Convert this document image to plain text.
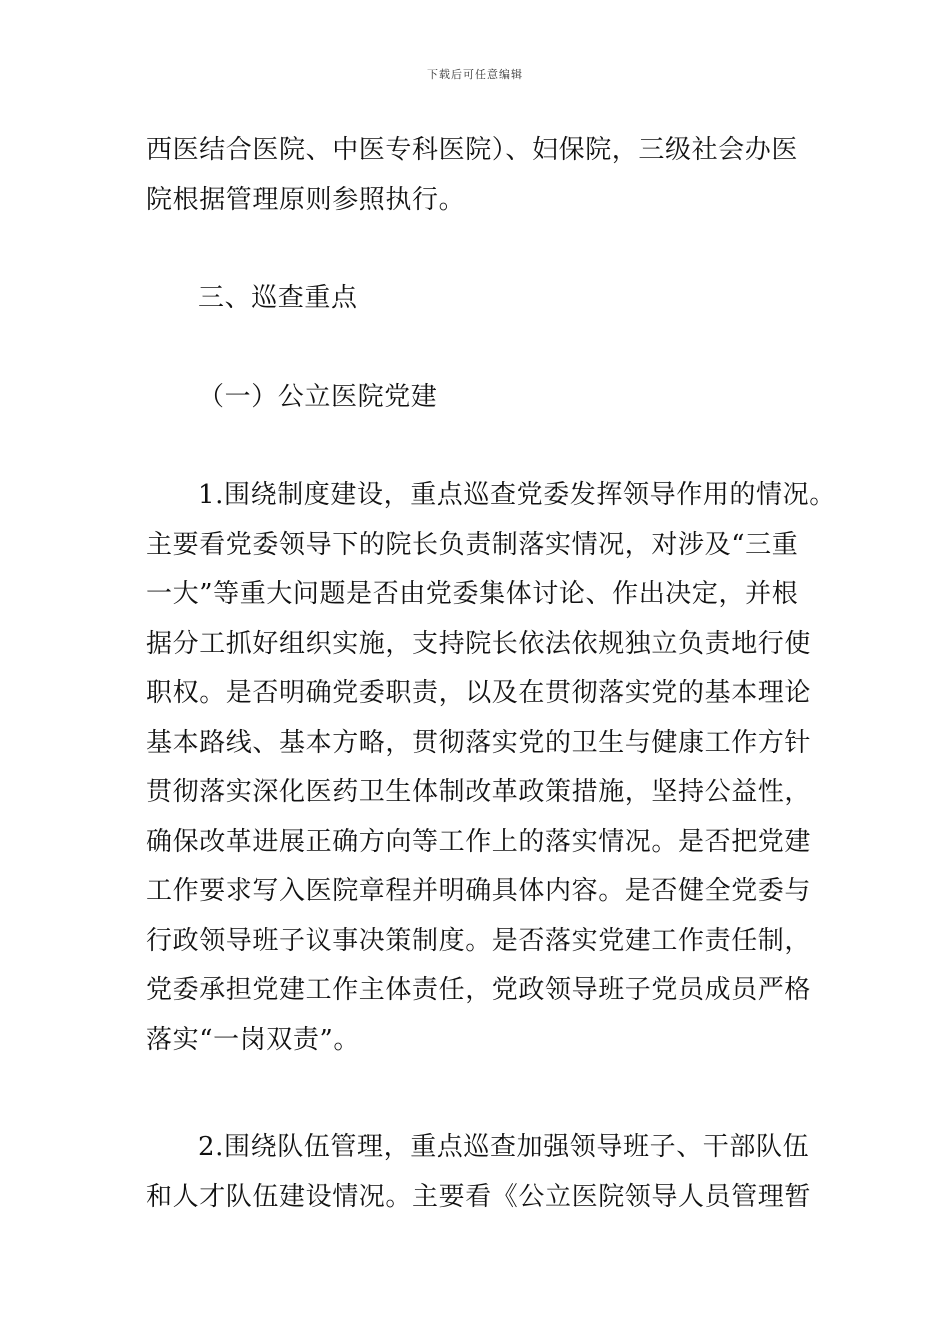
下载后可任意编辑
西医结合医院、中医专科医院）、妇保院，三级社会办医
院根据管理原则参照执行。
三、巡查重点
（一）公立医院党建
1.围绕制度建设，重点巡查党委发挥领导作用的情况。
主要看党委领导下的院长负责制落实情况，对涉及“三重
一大”等重大问题是否由党委集体讨论、作出决定，并根
据分工抓好组织实施，支持院长依法依规独立负责地行使
职权。是否明确党委职责，以及在贯彻落实党的基本理论
基本路线、基本方略，贯彻落实党的卫生与健康工作方针
贯彻落实深化医药卫生体制改革政策措施，坚持公益性，
确保改革进展正确方向等工作上的落实情况。是否把党建
工作要求写入医院章程并明确具体内容。是否健全党委与
行政领导班子议事决策制度。是否落实党建工作责任制，
党委承担党建工作主体责任，党政领导班子党员成员严格
落实“一岗双责”。
2.围绕队伍管理，重点巡查加强领导班子、干部队伍
和人才队伍建设情况。主要看《公立医院领导人员管理暂
